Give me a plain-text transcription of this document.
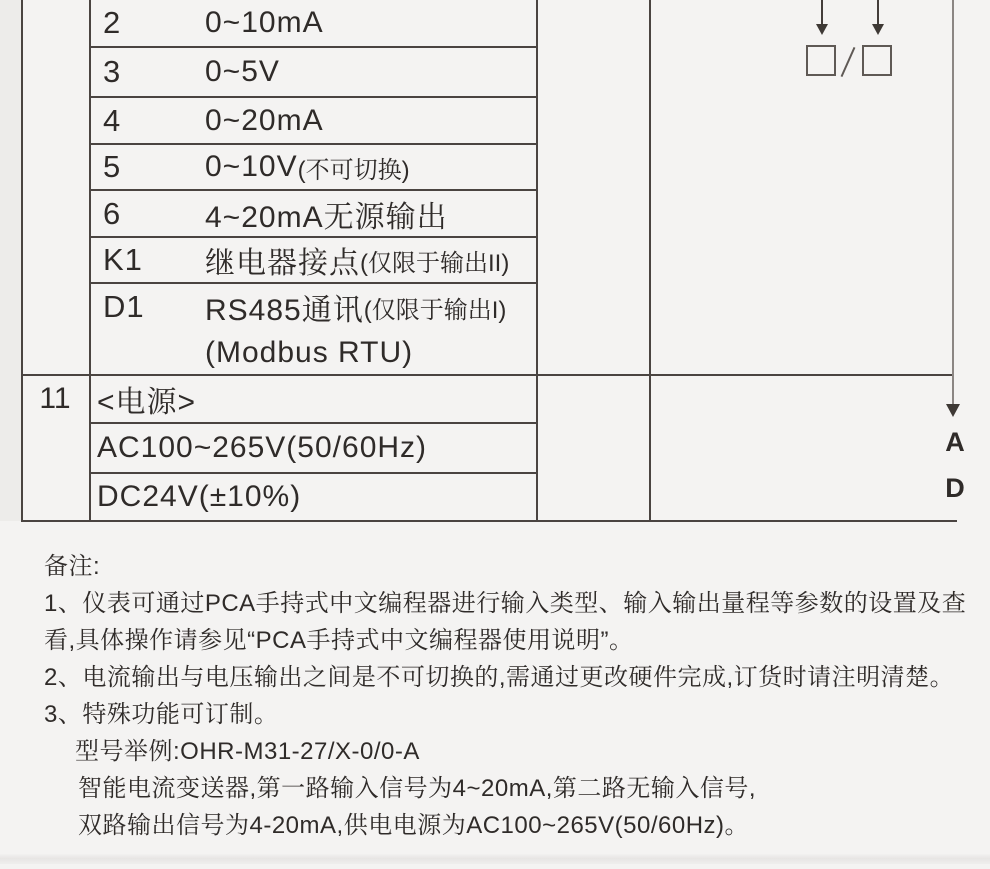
2	0~10mA
3	0~5V
4	0~20mA
5	0~10V (不可切换)
6	4~20mA无源输出
K1	继电器接点 (仅限于输出II)
D1	RS485通讯 (仅限于输出I)
(Modbus RTU)
11 <电源>
AC100~265V(50/60Hz)
DC24V(±10%)
A
D
备注:
1、仪表可通过PCA手持式中文编程器进行输入类型、输入输出量程等参数的设置及查
看,具体操作请参见“PCA手持式中文编程器使用说明”。
2、电流输出与电压输出之间是不可切换的,需通过更改硬件完成,订货时请注明清楚。
3、特殊功能可订制。
型号举例:OHR-M31-27/X-0/0-A
智能电流变送器,第一路输入信号为4~20mA,第二路无输入信号,
双路输出信号为4-20mA,供电电源为AC100~265V(50/60Hz)。
